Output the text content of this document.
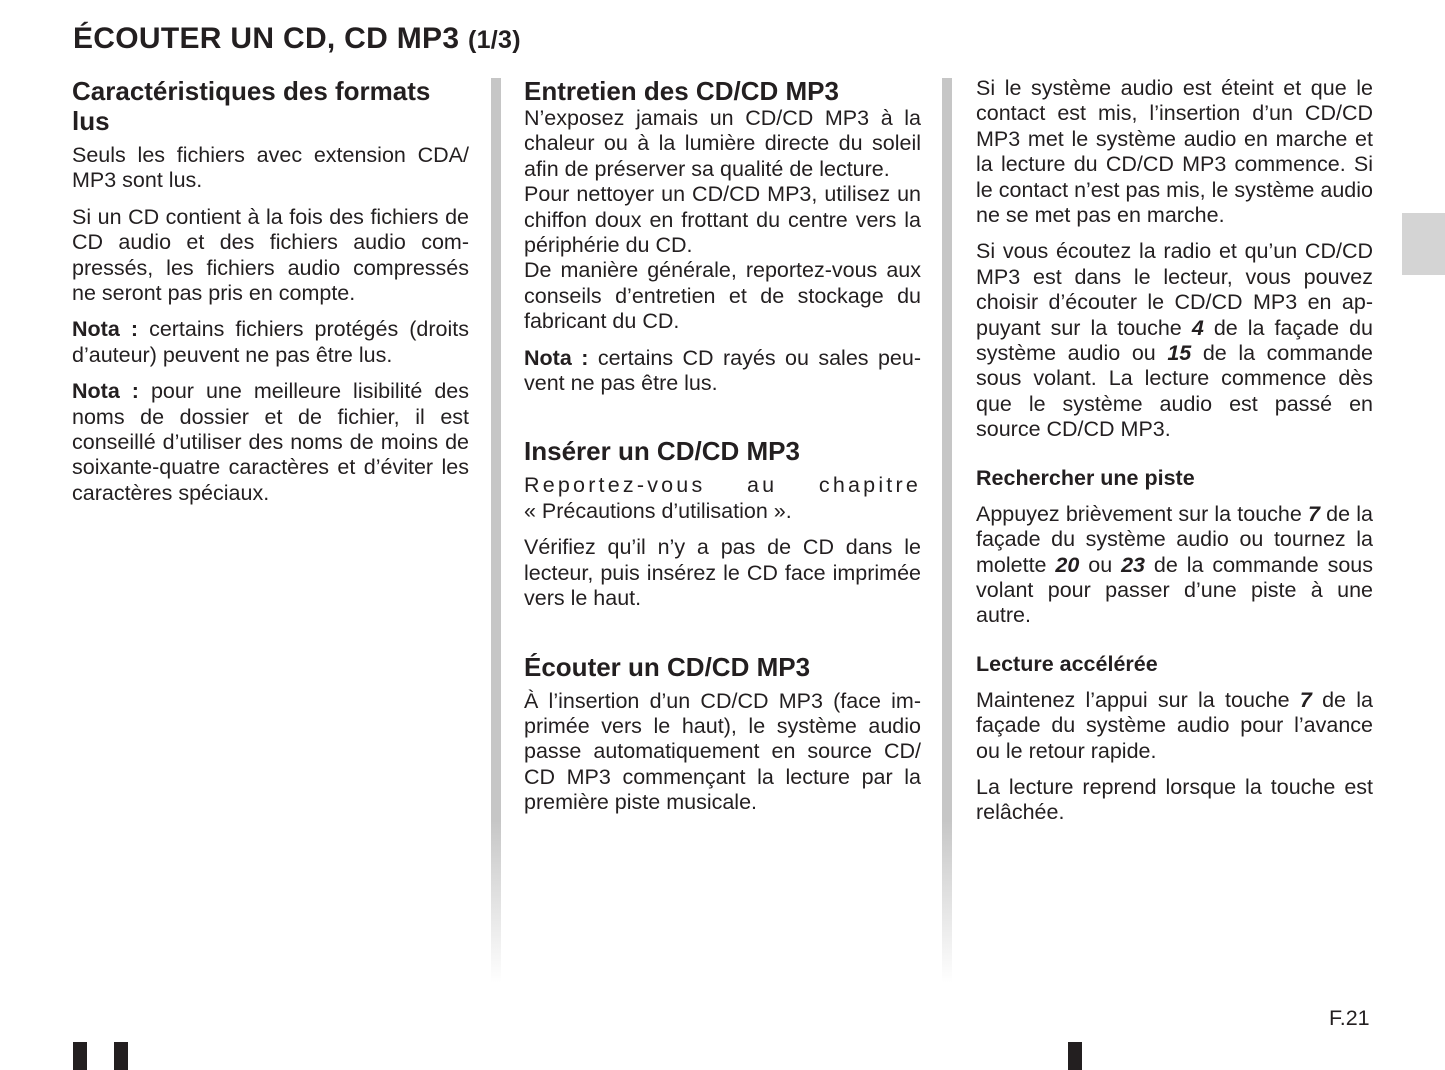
ÉCOUTER UN CD, CD MP3 (1/3)
Caractéristiques des formats lus

Seuls les fichiers avec extension CDA/ MP3 sont lus.

Si un CD contient à la fois des fichiers de CD audio et des fichiers audio compressés, les fichiers audio compressés ne seront pas pris en compte.

Nota : certains fichiers protégés (droits d’auteur) peuvent ne pas être lus.

Nota : pour une meilleure lisibilité des noms de dossier et de fichier, il est conseillé d’utiliser des noms de moins de soixante-quatre caractères et d’éviter les caractères spéciaux.

Entretien des CD/CD MP3

N’exposez jamais un CD/CD MP3 à la chaleur ou à la lumière directe du soleil afin de préserver sa qualité de lecture.

Pour nettoyer un CD/CD MP3, utilisez un chiffon doux en frottant du centre vers la périphérie du CD.

De manière générale, reportez-vous aux conseils d’entretien et de stockage du fabricant du CD.

Nota : certains CD rayés ou sales peuvent ne pas être lus.

Insérer un CD/CD MP3

Reportez-vous au chapitre
« Précautions d’utilisation ».

Vérifiez qu’il n’y a pas de CD dans le lecteur, puis insérez le CD face imprimée vers le haut.

Écouter un CD/CD MP3

À l’insertion d’un CD/CD MP3 (face imprimée vers le haut), le système audio passe automatiquement en source CD/ CD MP3 commençant la lecture par la première piste musicale.

Si le système audio est éteint et que le contact est mis, l’insertion d’un CD/CD MP3 met le système audio en marche et la lecture du CD/CD MP3 commence. Si le contact n’est pas mis, le système audio ne se met pas en marche.

Si vous écoutez la radio et qu’un CD/CD MP3 est dans le lecteur, vous pouvez choisir d’écouter le CD/CD MP3 en appuyant sur la touche 4 de la façade du système audio ou 15 de la commande sous volant. La lecture commence dès que le système audio est passé en source CD/CD MP3.

Rechercher une piste

Appuyez brièvement sur la touche 7 de la façade du système audio ou tournez la molette 20 ou 23 de la commande sous volant pour passer d’une piste à une autre.

Lecture accélérée

Maintenez l’appui sur la touche 7 de la façade du système audio pour l’avance ou le retour rapide.

La lecture reprend lorsque la touche est relâchée.

F.21
